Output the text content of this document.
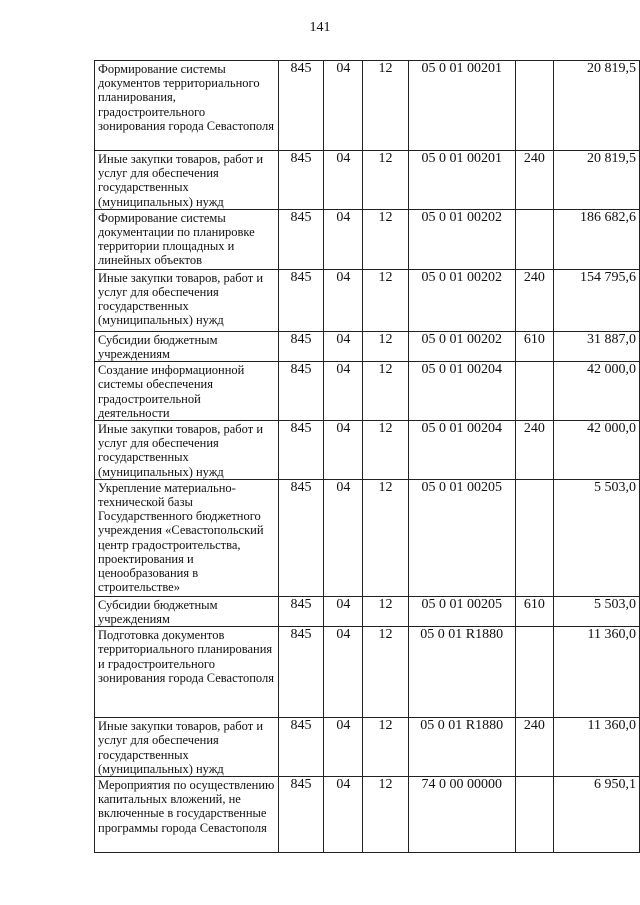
141
Формирование системы документов территориального планирования, градостроительного зонирования города Севастополя	845	04	12	05 0 01 00201		20 819,5
Иные закупки товаров, работ и услуг для обеспечения государственных (муниципальных) нужд	845	04	12	05 0 01 00201	240	20 819,5
Формирование системы документации по планировке территории площадных и линейных объектов	845	04	12	05 0 01 00202		186 682,6
Иные закупки товаров, работ и услуг для обеспечения государственных (муниципальных) нужд	845	04	12	05 0 01 00202	240	154 795,6
Субсидии бюджетным учреждениям	845	04	12	05 0 01 00202	610	31 887,0
Создание информационной системы обеспечения градостроительной деятельности	845	04	12	05 0 01 00204		42 000,0
Иные закупки товаров, работ и услуг для обеспечения государственных (муниципальных) нужд	845	04	12	05 0 01 00204	240	42 000,0
Укрепление материально-технической базы Государственного бюджетного учреждения «Севастопольский центр градостроительства, проектирования и ценообразования в строительстве»	845	04	12	05 0 01 00205		5 503,0
Субсидии бюджетным учреждениям	845	04	12	05 0 01 00205	610	5 503,0
Подготовка документов территориального планирования и градостроительного зонирования города Севастополя	845	04	12	05 0 01 R1880		11 360,0
Иные закупки товаров, работ и услуг для обеспечения государственных (муниципальных) нужд	845	04	12	05 0 01 R1880	240	11 360,0
Мероприятия по осуществлению капитальных вложений, не включенные в государственные программы города Севастополя	845	04	12	74 0 00 00000		6 950,1
